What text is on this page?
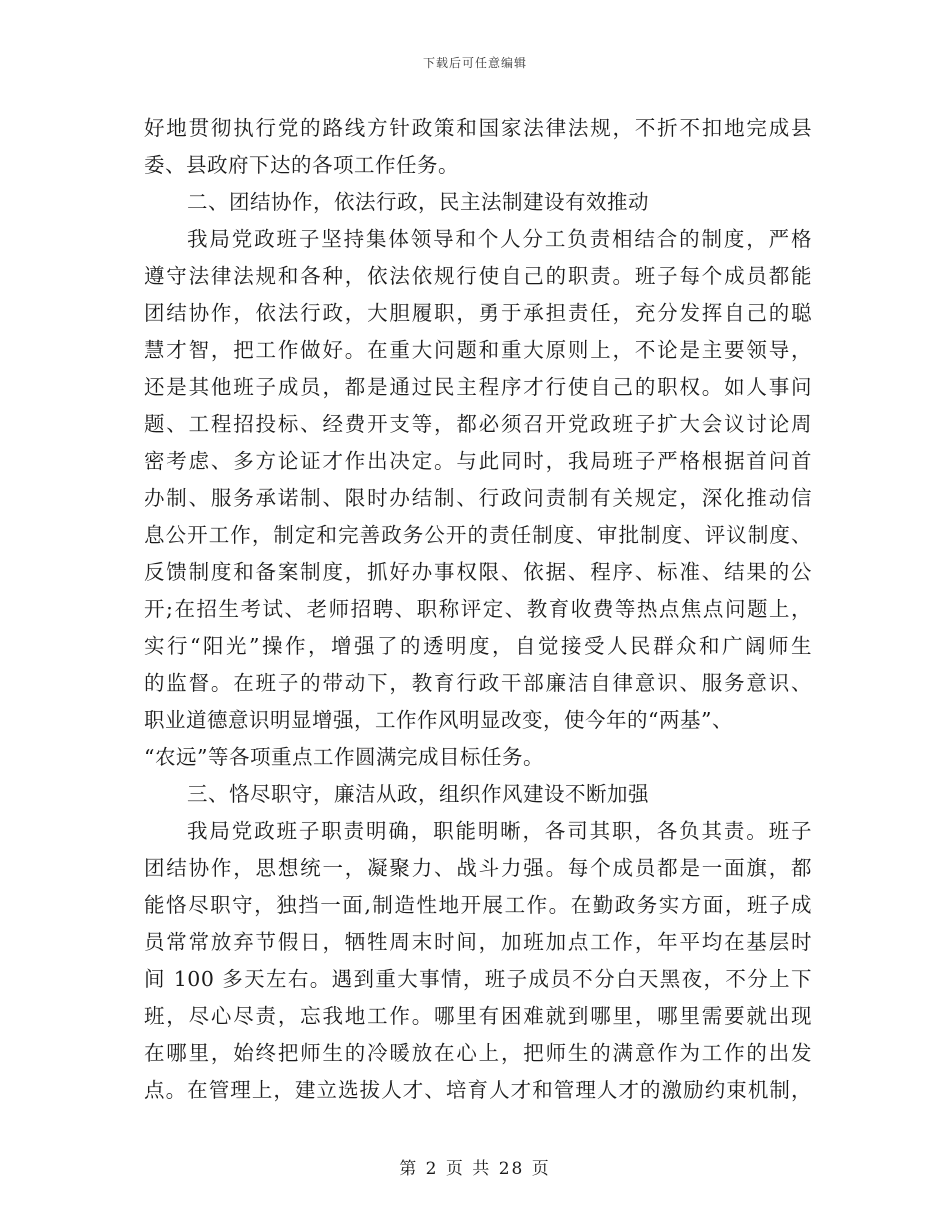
下载后可任意编辑
好地贯彻执行党的路线方针政策和国家法律法规，不折不扣地完成县
委、县政府下达的各项工作任务。
二、团结协作，依法行政，民主法制建设有效推动
我局党政班子坚持集体领导和个人分工负责相结合的制度，严格
遵守法律法规和各种，依法依规行使自己的职责。班子每个成员都能
团结协作，依法行政，大胆履职，勇于承担责任，充分发挥自己的聪
慧才智，把工作做好。在重大问题和重大原则上，不论是主要领导，
还是其他班子成员，都是通过民主程序才行使自己的职权。如人事问
题、工程招投标、经费开支等，都必须召开党政班子扩大会议讨论周
密考虑、多方论证才作出决定。与此同时，我局班子严格根据首问首
办制、服务承诺制、限时办结制、行政问责制有关规定，深化推动信
息公开工作，制定和完善政务公开的责任制度、审批制度、评议制度、
反馈制度和备案制度，抓好办事权限、依据、程序、标准、结果的公
开;在招生考试、老师招聘、职称评定、教育收费等热点焦点问题上，
实行“阳光”操作，增强了的透明度，自觉接受人民群众和广阔师生
的监督。在班子的带动下，教育行政干部廉洁自律意识、服务意识、
职业道德意识明显增强，工作作风明显改变，使今年的“两基”、
“农远”等各项重点工作圆满完成目标任务。
三、恪尽职守，廉洁从政，组织作风建设不断加强
我局党政班子职责明确，职能明晰，各司其职，各负其责。班子
团结协作，思想统一，凝聚力、战斗力强。每个成员都是一面旗，都
能恪尽职守，独挡一面,制造性地开展工作。在勤政务实方面，班子成
员常常放弃节假日，牺牲周末时间，加班加点工作，年平均在基层时
间 100 多天左右。遇到重大事情，班子成员不分白天黑夜，不分上下
班，尽心尽责，忘我地工作。哪里有困难就到哪里，哪里需要就出现
在哪里，始终把师生的冷暖放在心上，把师生的满意作为工作的出发
点。在管理上，建立选拔人才、培育人才和管理人才的激励约束机制，
第 2 页 共 28 页
